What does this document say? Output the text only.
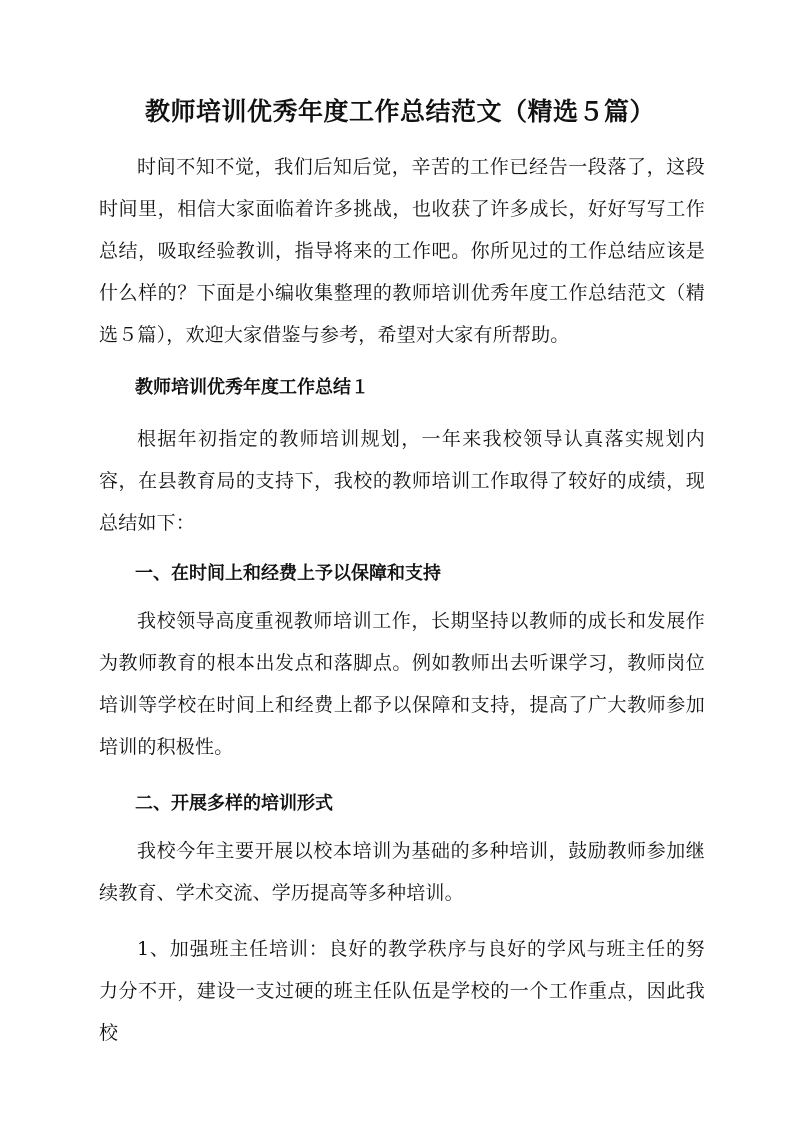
教师培训优秀年度工作总结范文（精选５篇）

时间不知不觉，我们后知后觉，辛苦的工作已经告一段落了，这段时间里，相信大家面临着许多挑战，也收获了许多成长，好好写写工作总结，吸取经验教训，指导将来的工作吧。你所见过的工作总结应该是什么样的？下面是小编收集整理的教师培训优秀年度工作总结范文（精选５篇），欢迎大家借鉴与参考，希望对大家有所帮助。

教师培训优秀年度工作总结１

根据年初指定的教师培训规划，一年来我校领导认真落实规划内容，在县教育局的支持下，我校的教师培训工作取得了较好的成绩，现总结如下：

一、在时间上和经费上予以保障和支持

我校领导高度重视教师培训工作，长期坚持以教师的成长和发展作为教师教育的根本出发点和落脚点。例如教师出去听课学习，教师岗位培训等学校在时间上和经费上都予以保障和支持，提高了广大教师参加培训的积极性。

二、开展多样的培训形式

我校今年主要开展以校本培训为基础的多种培训，鼓励教师参加继续教育、学术交流、学历提高等多种培训。

1、加强班主任培训：良好的教学秩序与良好的学风与班主任的努力分不开，建设一支过硬的班主任队伍是学校的一个工作重点，因此我校
